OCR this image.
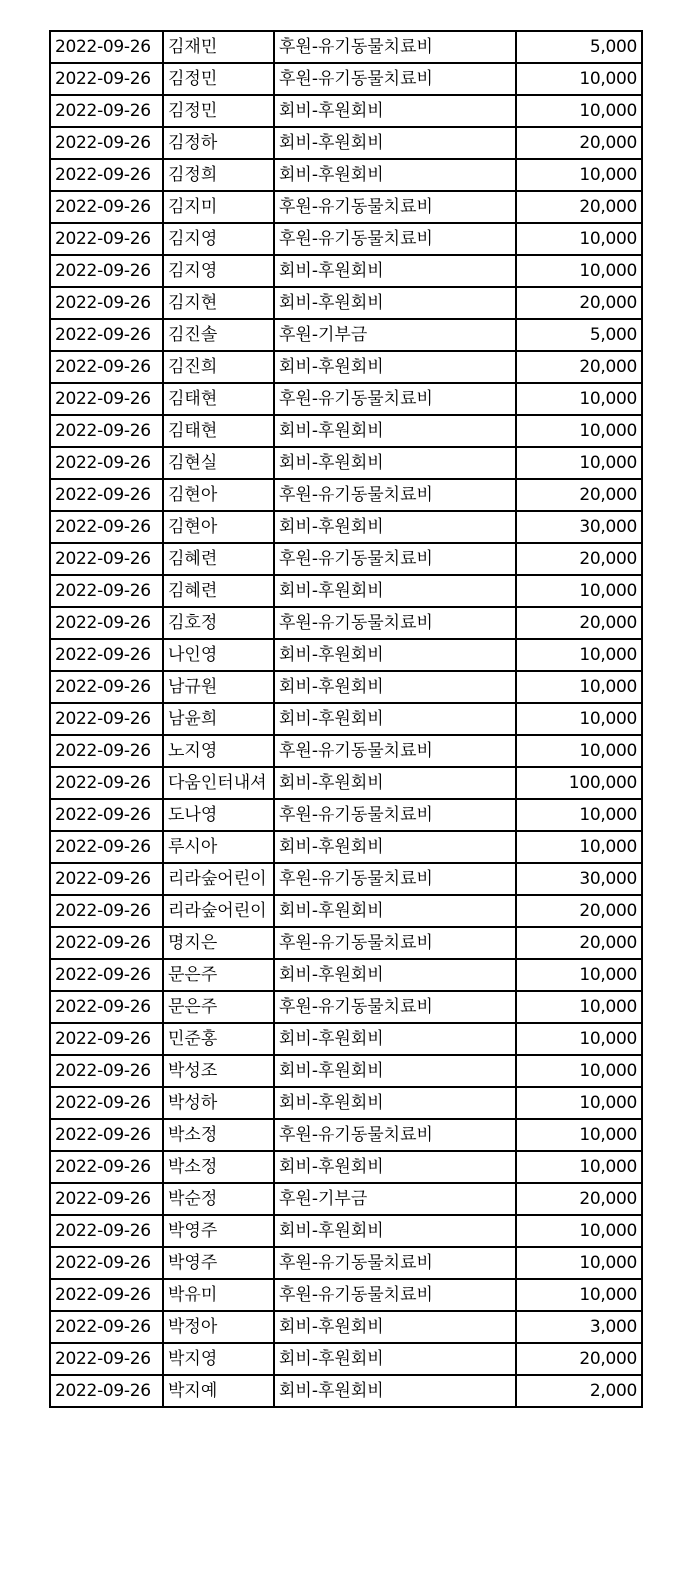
2022-09-26	김재민	후원-유기동물치료비	5,000
2022-09-26	김정민	후원-유기동물치료비	10,000
2022-09-26	김정민	회비-후원회비	10,000
2022-09-26	김정하	회비-후원회비	20,000
2022-09-26	김정희	회비-후원회비	10,000
2022-09-26	김지미	후원-유기동물치료비	20,000
2022-09-26	김지영	후원-유기동물치료비	10,000
2022-09-26	김지영	회비-후원회비	10,000
2022-09-26	김지현	회비-후원회비	20,000
2022-09-26	김진솔	후원-기부금	5,000
2022-09-26	김진희	회비-후원회비	20,000
2022-09-26	김태현	후원-유기동물치료비	10,000
2022-09-26	김태현	회비-후원회비	10,000
2022-09-26	김현실	회비-후원회비	10,000
2022-09-26	김현아	후원-유기동물치료비	20,000
2022-09-26	김현아	회비-후원회비	30,000
2022-09-26	김혜련	후원-유기동물치료비	20,000
2022-09-26	김혜련	회비-후원회비	10,000
2022-09-26	김호정	후원-유기동물치료비	20,000
2022-09-26	나인영	회비-후원회비	10,000
2022-09-26	남규원	회비-후원회비	10,000
2022-09-26	남윤희	회비-후원회비	10,000
2022-09-26	노지영	후원-유기동물치료비	10,000
2022-09-26	다움인터내셔	회비-후원회비	100,000
2022-09-26	도나영	후원-유기동물치료비	10,000
2022-09-26	루시아	회비-후원회비	10,000
2022-09-26	리라숲어린이	후원-유기동물치료비	30,000
2022-09-26	리라숲어린이	회비-후원회비	20,000
2022-09-26	명지은	후원-유기동물치료비	20,000
2022-09-26	문은주	회비-후원회비	10,000
2022-09-26	문은주	후원-유기동물치료비	10,000
2022-09-26	민준홍	회비-후원회비	10,000
2022-09-26	박성조	회비-후원회비	10,000
2022-09-26	박성하	회비-후원회비	10,000
2022-09-26	박소정	후원-유기동물치료비	10,000
2022-09-26	박소정	회비-후원회비	10,000
2022-09-26	박순정	후원-기부금	20,000
2022-09-26	박영주	회비-후원회비	10,000
2022-09-26	박영주	후원-유기동물치료비	10,000
2022-09-26	박유미	후원-유기동물치료비	10,000
2022-09-26	박정아	회비-후원회비	3,000
2022-09-26	박지영	회비-후원회비	20,000
2022-09-26	박지예	회비-후원회비	2,000
